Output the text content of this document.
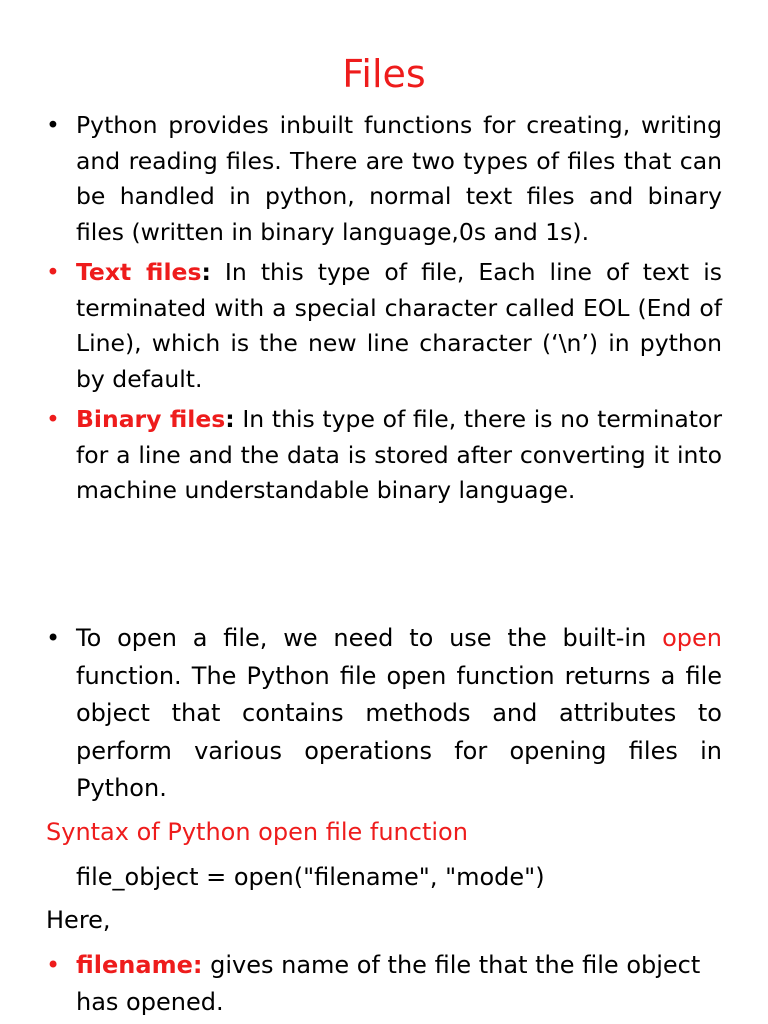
Files
• Python provides inbuilt functions for creating, writing and reading files. There are two types of files that can be handled in python, normal text files and binary files (written in binary language,0s and 1s).
• Text files: In this type of file, Each line of text is terminated with a special character called EOL (End of Line), which is the new line character (‘\n’) in python by default.
• Binary files: In this type of file, there is no terminator for a line and the data is stored after converting it into machine understandable binary language.
• To open a file, we need to use the built-in open function. The Python file open function returns a file object that contains methods and attributes to perform various operations for opening files in Python.
Syntax of Python open file function
file_object = open("filename", "mode")
Here,
• filename: gives name of the file that the file object has opened.
